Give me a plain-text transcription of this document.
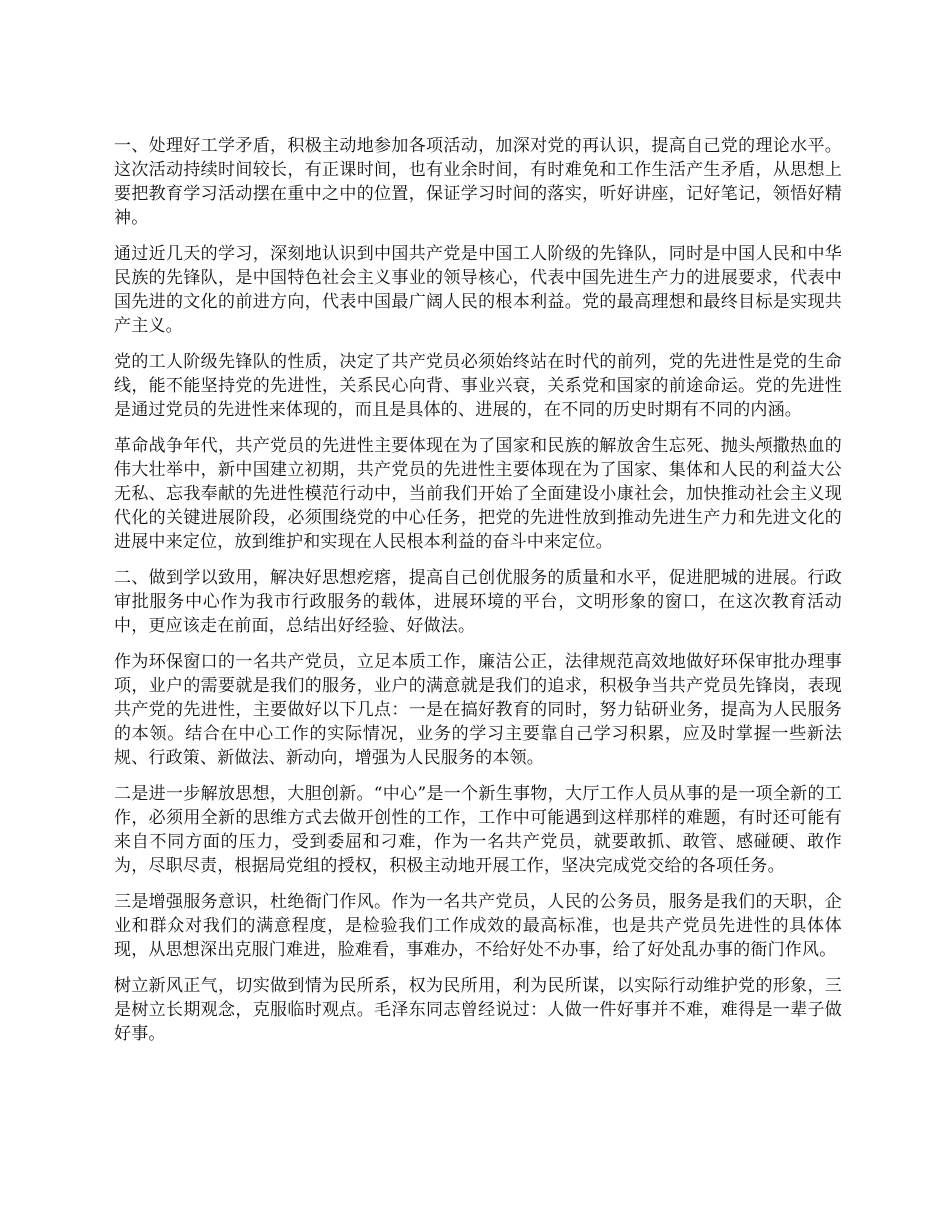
一、处理好工学矛盾，积极主动地参加各项活动，加深对党的再认识，提高自己党的理论水平。这次活动持续时间较长，有正课时间，也有业余时间，有时难免和工作生活产生矛盾，从思想上要把教育学习活动摆在重中之中的位置，保证学习时间的落实，听好讲座，记好笔记，领悟好精神。

通过近几天的学习，深刻地认识到中国共产党是中国工人阶级的先锋队，同时是中国人民和中华民族的先锋队，是中国特色社会主义事业的领导核心，代表中国先进生产力的进展要求，代表中国先进的文化的前进方向，代表中国最广阔人民的根本利益。党的最高理想和最终目标是实现共产主义。

党的工人阶级先锋队的性质，决定了共产党员必须始终站在时代的前列，党的先进性是党的生命线，能不能坚持党的先进性，关系民心向背、事业兴衰，关系党和国家的前途命运。党的先进性是通过党员的先进性来体现的，而且是具体的、进展的，在不同的历史时期有不同的内涵。

革命战争年代，共产党员的先进性主要体现在为了国家和民族的解放舍生忘死、抛头颅撒热血的伟大壮举中，新中国建立初期，共产党员的先进性主要体现在为了国家、集体和人民的利益大公无私、忘我奉献的先进性模范行动中，当前我们开始了全面建设小康社会，加快推动社会主义现代化的关键进展阶段，必须围绕党的中心任务，把党的先进性放到推动先进生产力和先进文化的进展中来定位，放到维护和实现在人民根本利益的奋斗中来定位。

二、做到学以致用，解决好思想疙瘩，提高自己创优服务的质量和水平，促进肥城的进展。行政审批服务中心作为我市行政服务的载体，进展环境的平台，文明形象的窗口，在这次教育活动中，更应该走在前面，总结出好经验、好做法。

作为环保窗口的一名共产党员，立足本质工作，廉洁公正，法律规范高效地做好环保审批办理事项，业户的需要就是我们的服务，业户的满意就是我们的追求，积极争当共产党员先锋岗，表现共产党的先进性，主要做好以下几点：一是在搞好教育的同时，努力钻研业务，提高为人民服务的本领。结合在中心工作的实际情况，业务的学习主要靠自己学习积累，应及时掌握一些新法规、行政策、新做法、新动向，增强为人民服务的本领。

二是进一步解放思想，大胆创新。“中心”是一个新生事物，大厅工作人员从事的是一项全新的工作，必须用全新的思维方式去做开创性的工作，工作中可能遇到这样那样的难题，有时还可能有来自不同方面的压力，受到委屈和刁难，作为一名共产党员，就要敢抓、敢管、感碰硬、敢作为，尽职尽责，根据局党组的授权，积极主动地开展工作，坚决完成党交给的各项任务。

三是增强服务意识，杜绝衙门作风。作为一名共产党员，人民的公务员，服务是我们的天职，企业和群众对我们的满意程度，是检验我们工作成效的最高标准，也是共产党员先进性的具体体现，从思想深出克服门难进，脸难看，事难办，不给好处不办事，给了好处乱办事的衙门作风。

树立新风正气，切实做到情为民所系，权为民所用，利为民所谋，以实际行动维护党的形象，三是树立长期观念，克服临时观点。毛泽东同志曾经说过：人做一件好事并不难，难得是一辈子做好事。
